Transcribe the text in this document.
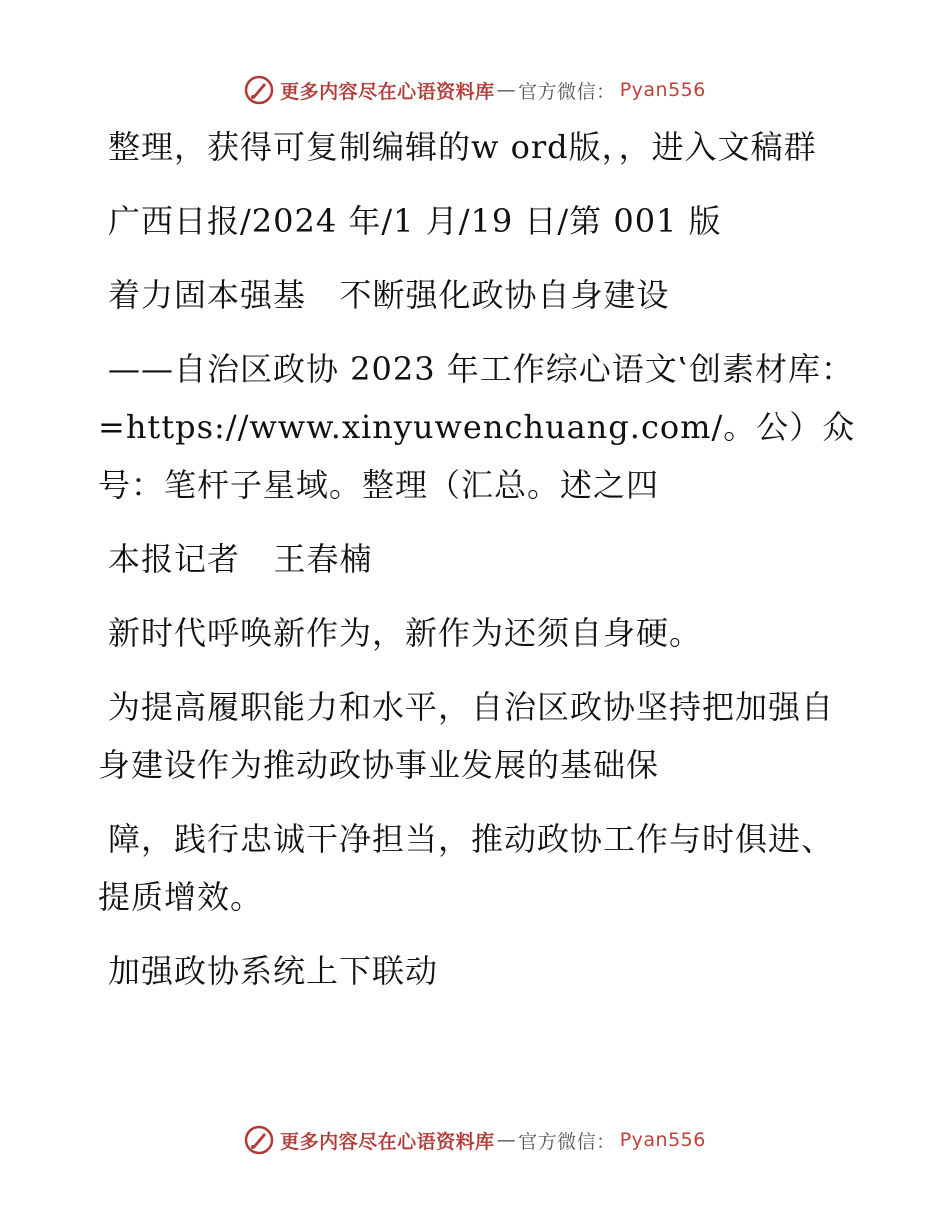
更多内容尽在心语资料库 — 官方微信： Pyan556

整理，获得可复制编辑的w ord版，，进入文稿群

广西日报/2024 年/1 月/19 日/第 001 版

着力固本强基   不断强化政协自身建设

——自治区政协 2023 年工作综心语文‛创素材库：=https://www.xinyuwenchuang.com/。公）众号：笔杆子星域。整理（汇总。述之四

本报记者   王春楠

新时代呼唤新作为，新作为还须自身硬。

为提高履职能力和水平，自治区政协坚持把加强自身建设作为推动政协事业发展的基础保

障，践行忠诚干净担当，推动政协工作与时俱进、提质增效。

加强政协系统上下联动

更多内容尽在心语资料库 — 官方微信： Pyan556
